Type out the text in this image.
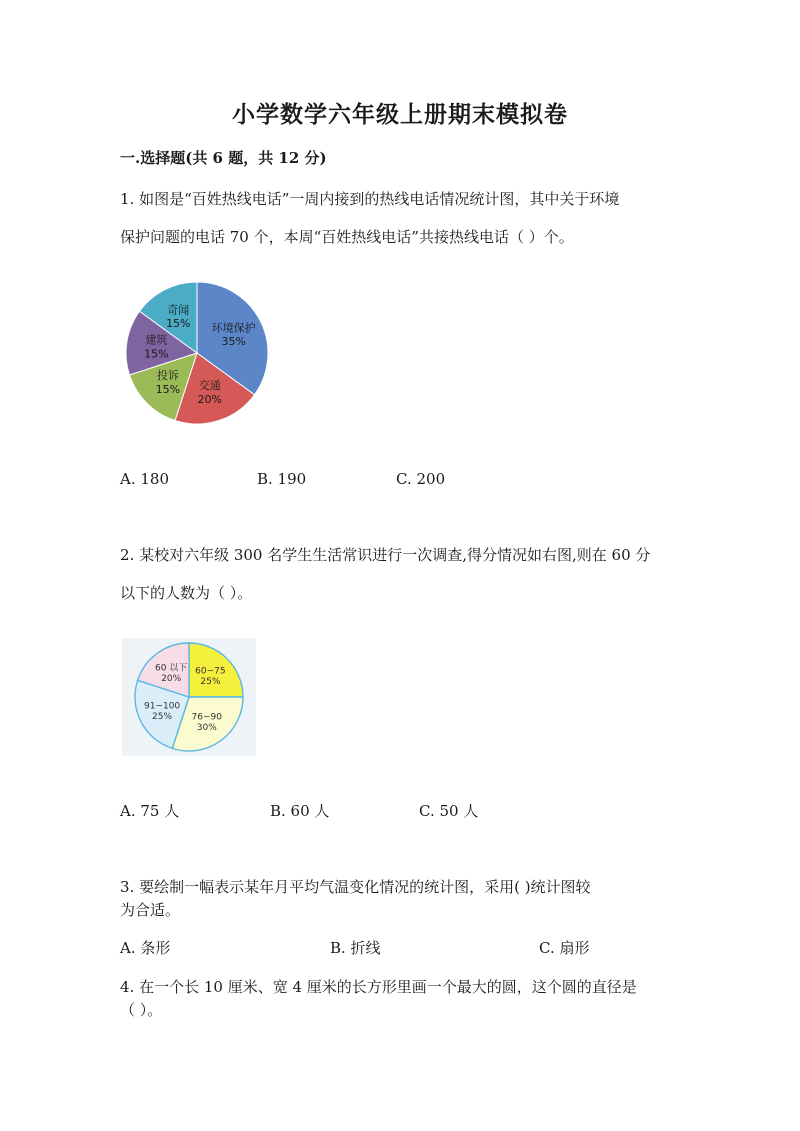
小学数学六年级上册期末模拟卷
一.选择题(共 6 题，共 12 分)
1. 如图是“百姓热线电话”一周内接到的热线电话情况统计图，其中关于环境
保护问题的电话 70 个，本周“百姓热线电话”共接热线电话（ ）个。
环境保护
35%
交通
20%
投诉
15%
建筑
15%
奇闻
15%
A. 180	B. 190	C. 200
2. 某校对六年级 300 名学生生活常识进行一次调查,得分情况如右图,则在 60 分
以下的人数为（ ）。
60~75
25%
76~90
30%
91~100
25%
60 以下
20%
A. 75 人	B. 60 人	C. 50 人
3. 要绘制一幅表示某年月平均气温变化情况的统计图，采用( )统计图较
为合适。
A. 条形	B. 折线	C. 扇形
4. 在一个长 10 厘米、宽 4 厘米的长方形里画一个最大的圆，这个圆的直径是
（ ）。
